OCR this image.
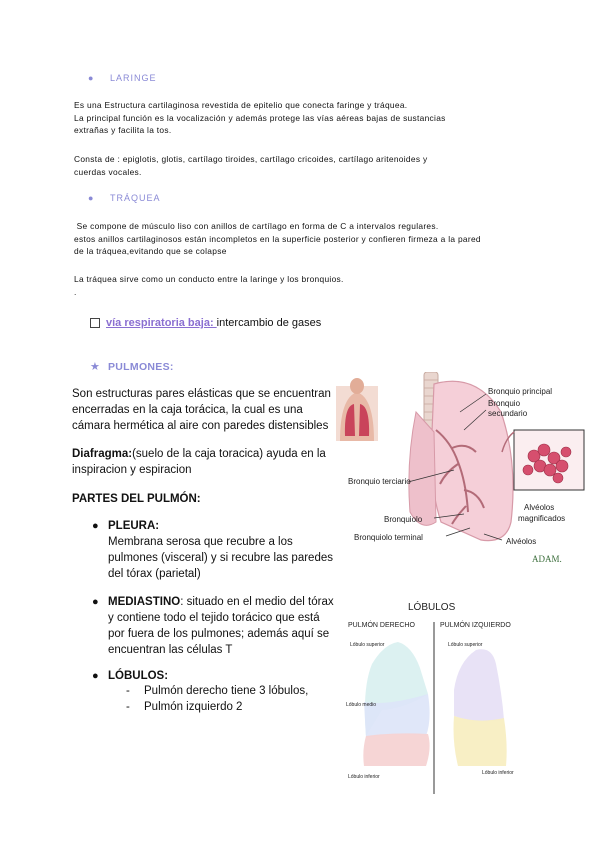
● LARINGE
Es una Estructura cartilaginosa revestida de epitelio que conecta faringe y tráquea.
La principal función es la vocalización y además protege las vías aéreas bajas de sustancias
extrañas y facilita la tos.
Consta de : epiglotis, glotis, cartílago tiroides, cartílago cricoides, cartílago aritenoides y
cuerdas vocales.
● TRÁQUEA
Se compone de músculo liso con anillos de cartílago en forma de C a intervalos regulares.
estos anillos cartilaginosos están incompletos en la superficie posterior y confieren firmeza a la pared
de la tráquea,evitando que se colapse
La tráquea sirve como un conducto entre la laringe y los bronquios.
.
vía respiratoria baja: intercambio de gases
★ PULMONES:
Son estructuras pares elásticas que se encuentran
encerradas en la caja torácica, la cual es una
cámara hermética al aire con paredes distensibles
Diafragma:(suelo de la caja toracica) ayuda en la
inspiracion y espiracion
PARTES DEL PULMÓN:
● PLEURA:
Membrana serosa que recubre a los
pulmones (visceral) y si recubre las paredes
del tórax (parietal)
● MEDIASTINO: situado en el medio del tórax
y contiene todo el tejido torácico que está
por fuera de los pulmones; además aquí se
encuentran las células T
● LÓBULOS:
- Pulmón derecho tiene 3 lóbulos,
- Pulmón izquierdo 2
Bronquio principal
Bronquio
secundario
Bronquio terciario
Alvéolos
magnificados
Bronquiolo
Bronquiolo terminal	Alvéolos
ADAM.
LÓBULOS
PULMÓN DERECHO	PULMÓN IZQUIERDO
Lóbulo superior
Lóbulo medio
Lóbulo inferior
Lóbulo superior
Lóbulo inferior
